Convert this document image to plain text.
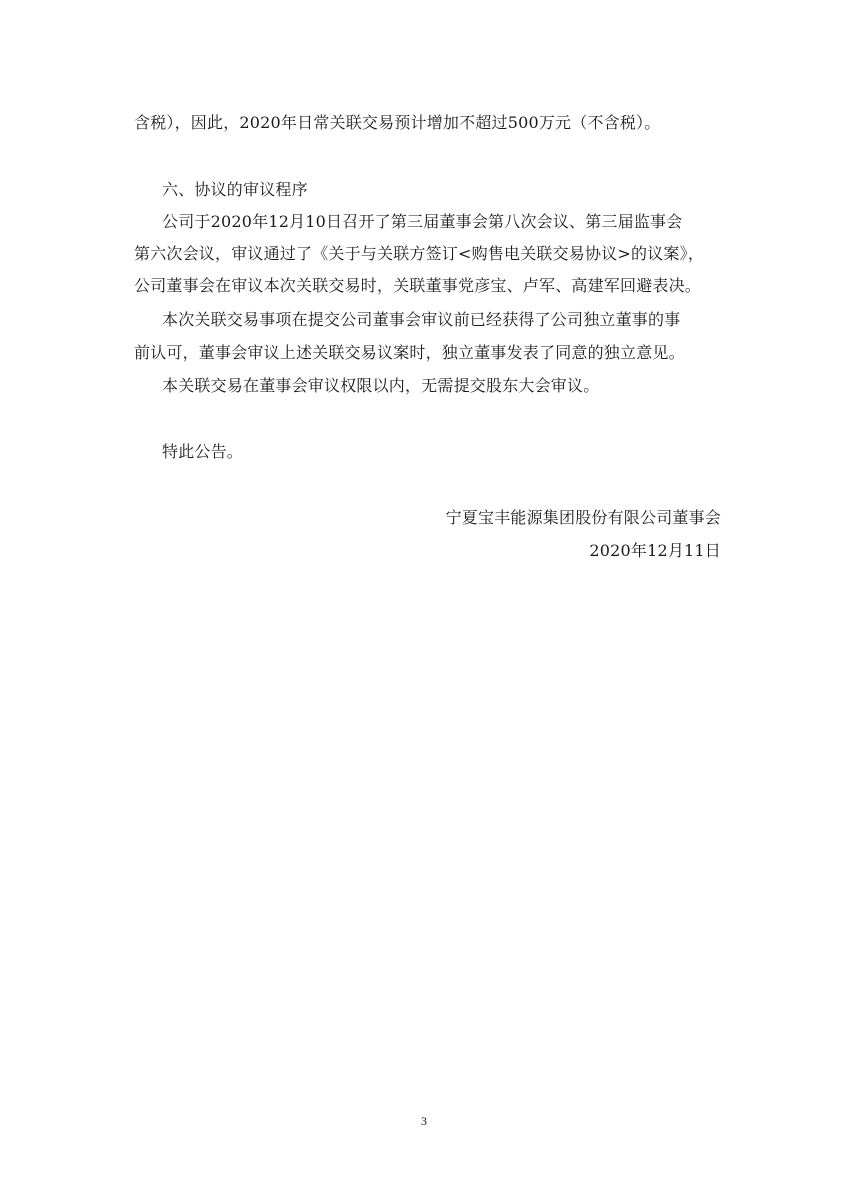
含税），因此，2020年日常关联交易预计增加不超过500万元（不含税）。
六、协议的审议程序
公司于2020年12月10日召开了第三届董事会第八次会议、第三届监事会
第六次会议，审议通过了《关于与关联方签订<购售电关联交易协议>的议案》，
公司董事会在审议本次关联交易时，关联董事党彦宝、卢军、高建军回避表决。
本次关联交易事项在提交公司董事会审议前已经获得了公司独立董事的事
前认可，董事会审议上述关联交易议案时，独立董事发表了同意的独立意见。
本关联交易在董事会审议权限以内，无需提交股东大会审议。
特此公告。
宁夏宝丰能源集团股份有限公司董事会
2020年12月11日
3
